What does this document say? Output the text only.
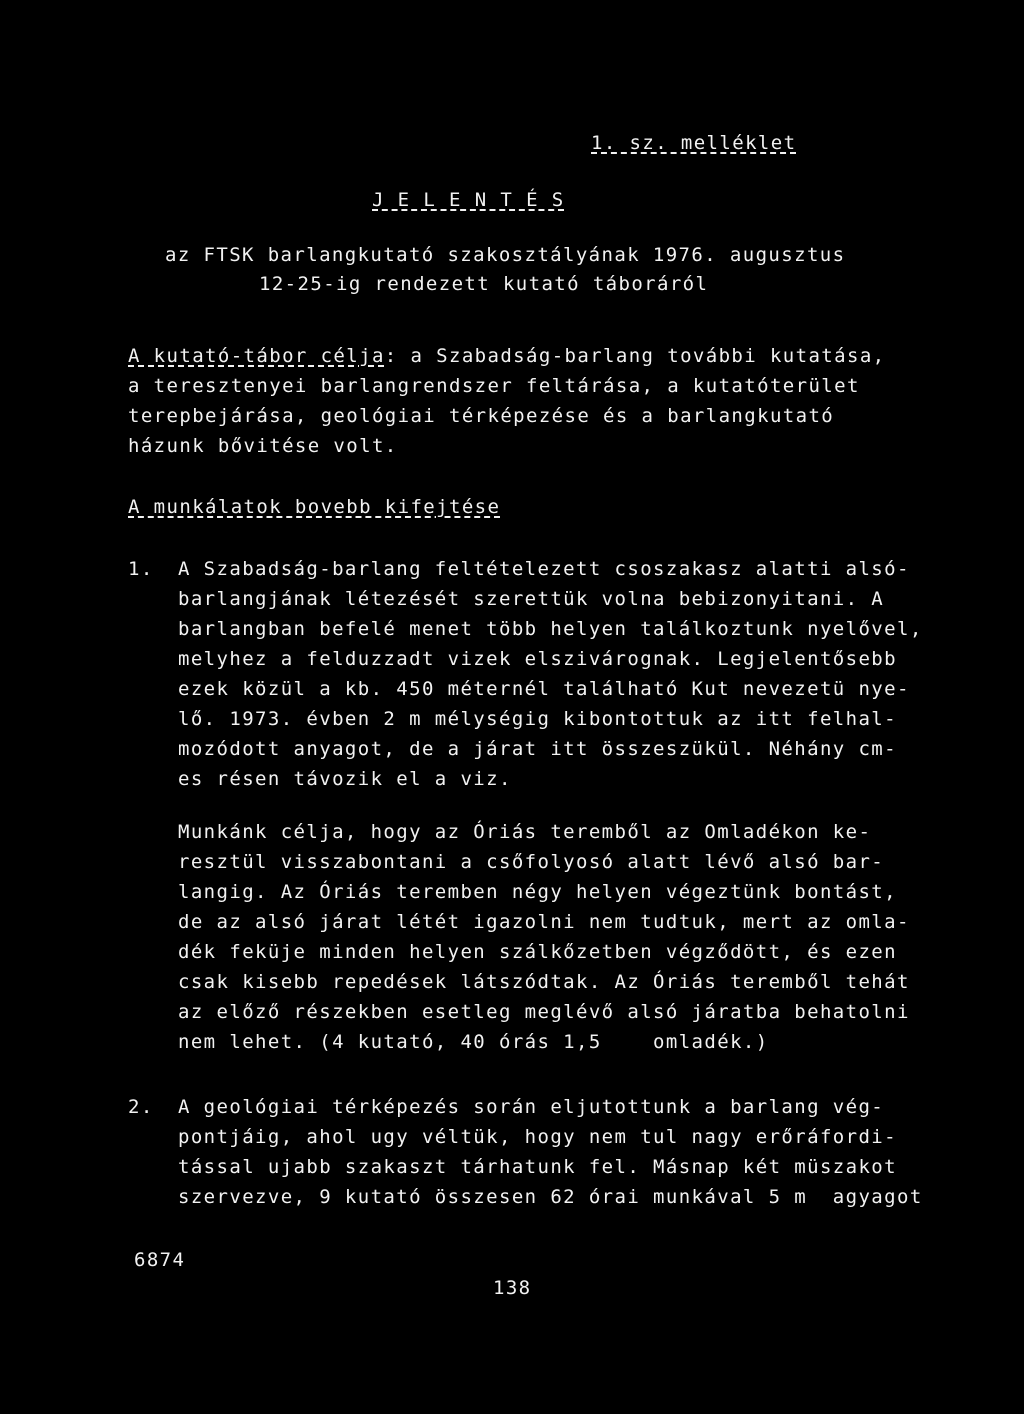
1. sz. melléklet
J E L E N T É S
az FTSK barlangkutató szakosztályának 1976. augusztus
12-25-ig rendezett kutató táboráról
A kutató-tábor célja: a Szabadság-barlang további kutatása,
a teresztenyei barlangrendszer feltárása, a kutatóterület
terepbejárása, geológiai térképezése és a barlangkutató
házunk bővitése volt.
A munkálatok bovebb kifejtése
1. A Szabadság-barlang feltételezett csoszakasz alatti alsó-
barlangjának létezését szerettük volna bebizonyitani. A
barlangban befelé menet több helyen találkoztunk nyelővel,
melyhez a felduzzadt vizek elszivárognak. Legjelentősebb
ezek közül a kb. 450 méternél található Kut nevezetü nye-
lő. 1973. évben 2 m mélységig kibontottuk az itt felhal-
mozódott anyagot, de a járat itt összeszükül. Néhány cm-
es résen távozik el a viz.
Munkánk célja, hogy az Óriás teremből az Omladékon ke-
resztül visszabontani a csőfolyosó alatt lévő alsó bar-
langig. Az Óriás teremben négy helyen végeztünk bontást,
de az alsó járat létét igazolni nem tudtuk, mert az omla-
dék feküje minden helyen szálkőzetben végződött, és ezen
csak kisebb repedések látszódtak. Az Óriás teremből tehát
az előző részekben esetleg meglévő alsó járatba behatolni
nem lehet. (4 kutató, 40 órás 1,5    omladék.)
2. A geológiai térképezés során eljutottunk a barlang vég-
pontjáig, ahol ugy véltük, hogy nem tul nagy erőráfordi-
tással ujabb szakaszt tárhatunk fel. Másnap két müszakot
szervezve, 9 kutató összesen 62 órai munkával 5 m  agyagot
6874
138
